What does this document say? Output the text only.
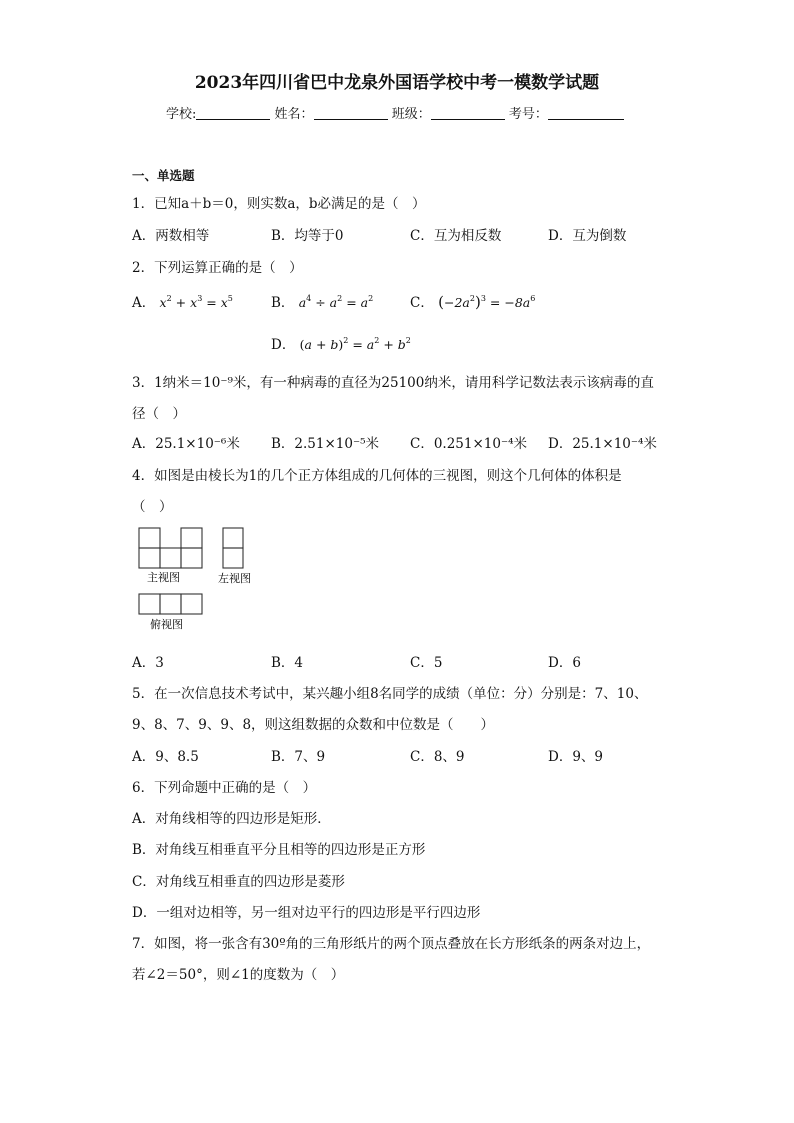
2023年四川省巴中龙泉外国语学校中考一模数学试题
学校:	姓名：	班级：	考号：
一、单选题
1．已知a＋b＝0，则实数a，b必满足的是（　）
A．两数相等	B．均等于0	C．互为相反数	D．互为倒数
2．下列运算正确的是（　）
A． $x^2 + x^3 = x^5$	B． $a^4 \div a^2 = a^2$	C． $(-2a^2)^3 = -8a^6$
D． $(a + b)^2 = a^2 + b^2$
3．1纳米＝10⁻⁹米，有一种病毒的直径为25100纳米，请用科学记数法表示该病毒的直
径（　）
A．25.1×10⁻⁶米 B．2.51×10⁻⁵米 C．0.251×10⁻⁴米 D．25.1×10⁻⁴米
4．如图是由棱长为1的几个正方体组成的几何体的三视图，则这个几何体的体积是
（　）
主视图	左视图
俯视图
A．3	B．4	C．5	D．6
5．在一次信息技术考试中，某兴趣小组8名同学的成绩（单位：分）分别是：7、10、
9、8、7、9、9、8，则这组数据的众数和中位数是（　　）
A．9、8.5	B．7、9	C．8、9	D．9、9
6．下列命题中正确的是（　）
A．对角线相等的四边形是矩形．
B．对角线互相垂直平分且相等的四边形是正方形
C．对角线互相垂直的四边形是菱形
D．一组对边相等，另一组对边平行的四边形是平行四边形
7．如图，将一张含有30º角的三角形纸片的两个顶点叠放在长方形纸条的两条对边上，
若∠2＝50°，则∠1的度数为（　）
